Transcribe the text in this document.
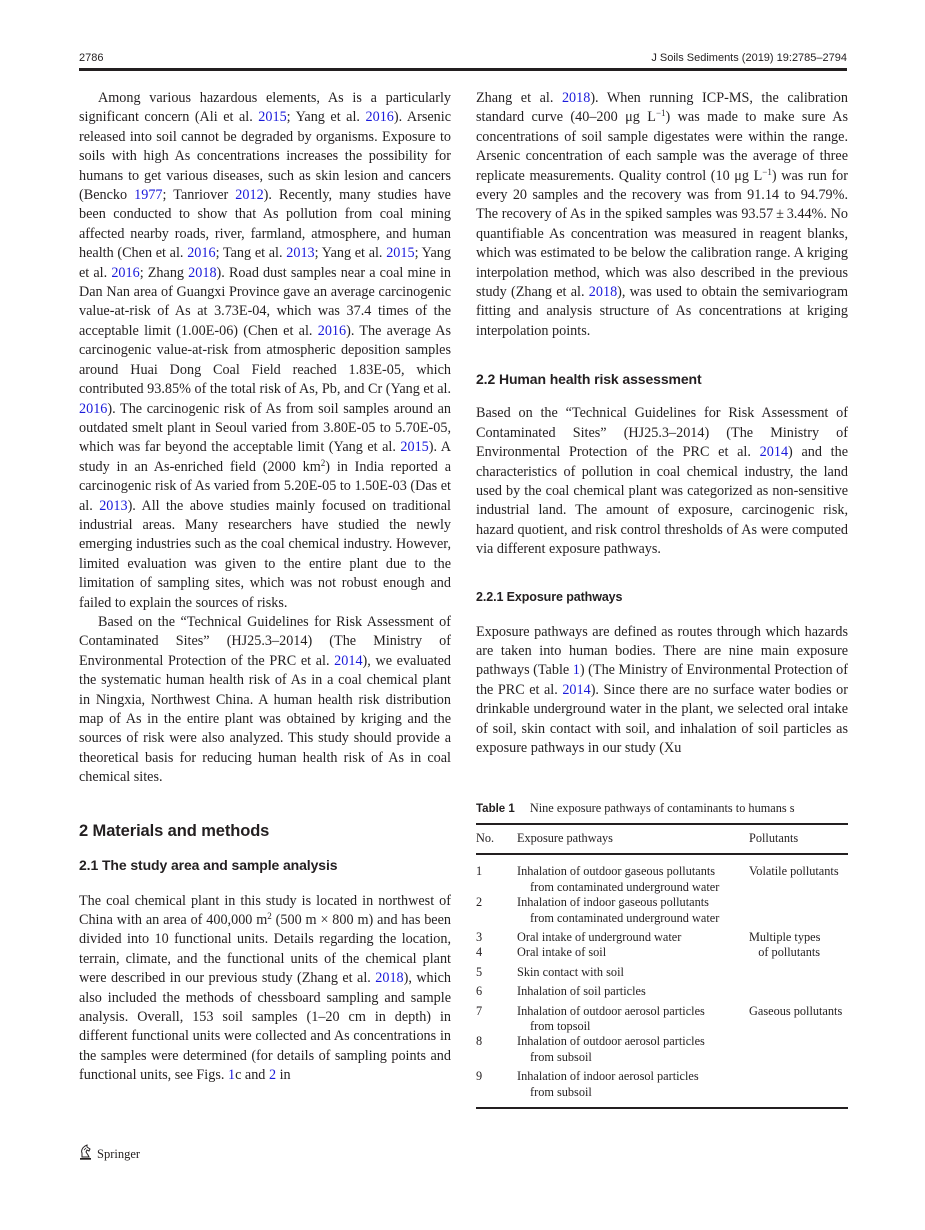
2786	J Soils Sediments (2019) 19:2785–2794

Among various hazardous elements, As is a particularly significant concern (Ali et al. 2015; Yang et al. 2016). Arsenic released into soil cannot be degraded by organisms. Exposure to soils with high As concentrations increases the possibility for humans to get various diseases, such as skin lesion and cancers (Bencko 1977; Tanriover 2012). Recently, many studies have been conducted to show that As pollution from coal mining affected nearby roads, river, farmland, atmosphere, and human health (Chen et al. 2016; Tang et al. 2013; Yang et al. 2015; Yang et al. 2016; Zhang 2018). Road dust samples near a coal mine in Dan Nan area of Guangxi Province gave an average carcinogenic value-at-risk of As at 3.73E-04, which was 37.4 times of the acceptable limit (1.00E-06) (Chen et al. 2016). The average As carcinogenic value-at-risk from atmospheric deposition samples around Huai Dong Coal Field reached 1.83E-05, which contributed 93.85% of the total risk of As, Pb, and Cr (Yang et al. 2016). The carcinogenic risk of As from soil samples around an outdated smelt plant in Seoul varied from 3.80E-05 to 5.70E-05, which was far beyond the acceptable limit (Yang et al. 2015). A study in an As-enriched field (2000 $km^2$) in India reported a carcinogenic risk of As varied from 5.20E-05 to 1.50E-03 (Das et al. 2013). All the above studies mainly focused on traditional industrial areas. Many researchers have studied the newly emerging industries such as the coal chemical industry. However, limited evaluation was given to the entire plant due to the limitation of sampling sites, which was not robust enough and failed to explain the sources of risks.

Based on the “Technical Guidelines for Risk Assessment of Contaminated Sites” (HJ25.3–2014) (The Ministry of Environmental Protection of the PRC et al. 2014), we evaluated the systematic human health risk of As in a coal chemical plant in Ningxia, Northwest China. A human health risk distribution map of As in the entire plant was obtained by kriging and the sources of risk were also analyzed. This study should provide a theoretical basis for reducing human health risk of As in coal chemical sites.

2 Materials and methods
2.1 The study area and sample analysis

The coal chemical plant in this study is located in northwest of China with an area of 400,000 $m^2$ (500 m × 800 m) and has been divided into 10 functional units. Details regarding the location, terrain, climate, and the functional units of the chemical plant were described in our previous study (Zhang et al. 2018), which also included the methods of chessboard sampling and sample analysis. Overall, 153 soil samples (1–20 cm in depth) in different functional units were collected and As concentrations in the samples were determined (for details of sampling points and functional units, see Figs. 1c and 2 in

Zhang et al. 2018). When running ICP-MS, the calibration standard curve (40–200 μg $L^{-1}$) was made to make sure As concentrations of soil sample digestates were within the range. Arsenic concentration of each sample was the average of three replicate measurements. Quality control (10 μg $L^{-1}$) was run for every 20 samples and the recovery was from 91.14 to 94.79%. The recovery of As in the spiked samples was 93.57 ± 3.44%. No quantifiable As concentration was measured in reagent blanks, which was estimated to be below the calibration range. A kriging interpolation method, which was also described in the previous study (Zhang et al. 2018), was used to obtain the semivariogram fitting and analysis structure of As concentrations at kriging interpolation points.

2.2 Human health risk assessment

Based on the “Technical Guidelines for Risk Assessment of Contaminated Sites” (HJ25.3–2014) (The Ministry of Environmental Protection of the PRC et al. 2014) and the characteristics of pollution in coal chemical industry, the land used by the coal chemical plant was categorized as non-sensitive industrial land. The amount of exposure, carcinogenic risk, hazard quotient, and risk control thresholds of As were computed via different exposure pathways.

2.2.1 Exposure pathways

Exposure pathways are defined as routes through which hazards are taken into human bodies. There are nine main exposure pathways (Table 1) (The Ministry of Environmental Protection of the PRC et al. 2014). Since there are no surface water bodies or drinkable underground water in the plant, we selected oral intake of soil, skin contact with soil, and inhalation of soil particles as exposure pathways in our study (Xu

Table 1 Nine exposure pathways of contaminants to humans s
No.	Exposure pathways	Pollutants
1	Inhalation of outdoor gaseous pollutants
from contaminated underground water	Volatile pollutants
2	Inhalation of indoor gaseous pollutants
from contaminated underground water	

3	Oral intake of underground water	Multiple types
4	Oral intake of soil	of pollutants

5	Skin contact with soil	

6	Inhalation of soil particles	

7	Inhalation of outdoor aerosol particles
from topsoil	Gaseous pollutants
8	Inhalation of outdoor aerosol particles
from subsoil	

9	Inhalation of indoor aerosol particles
from subsoil	

Springer
